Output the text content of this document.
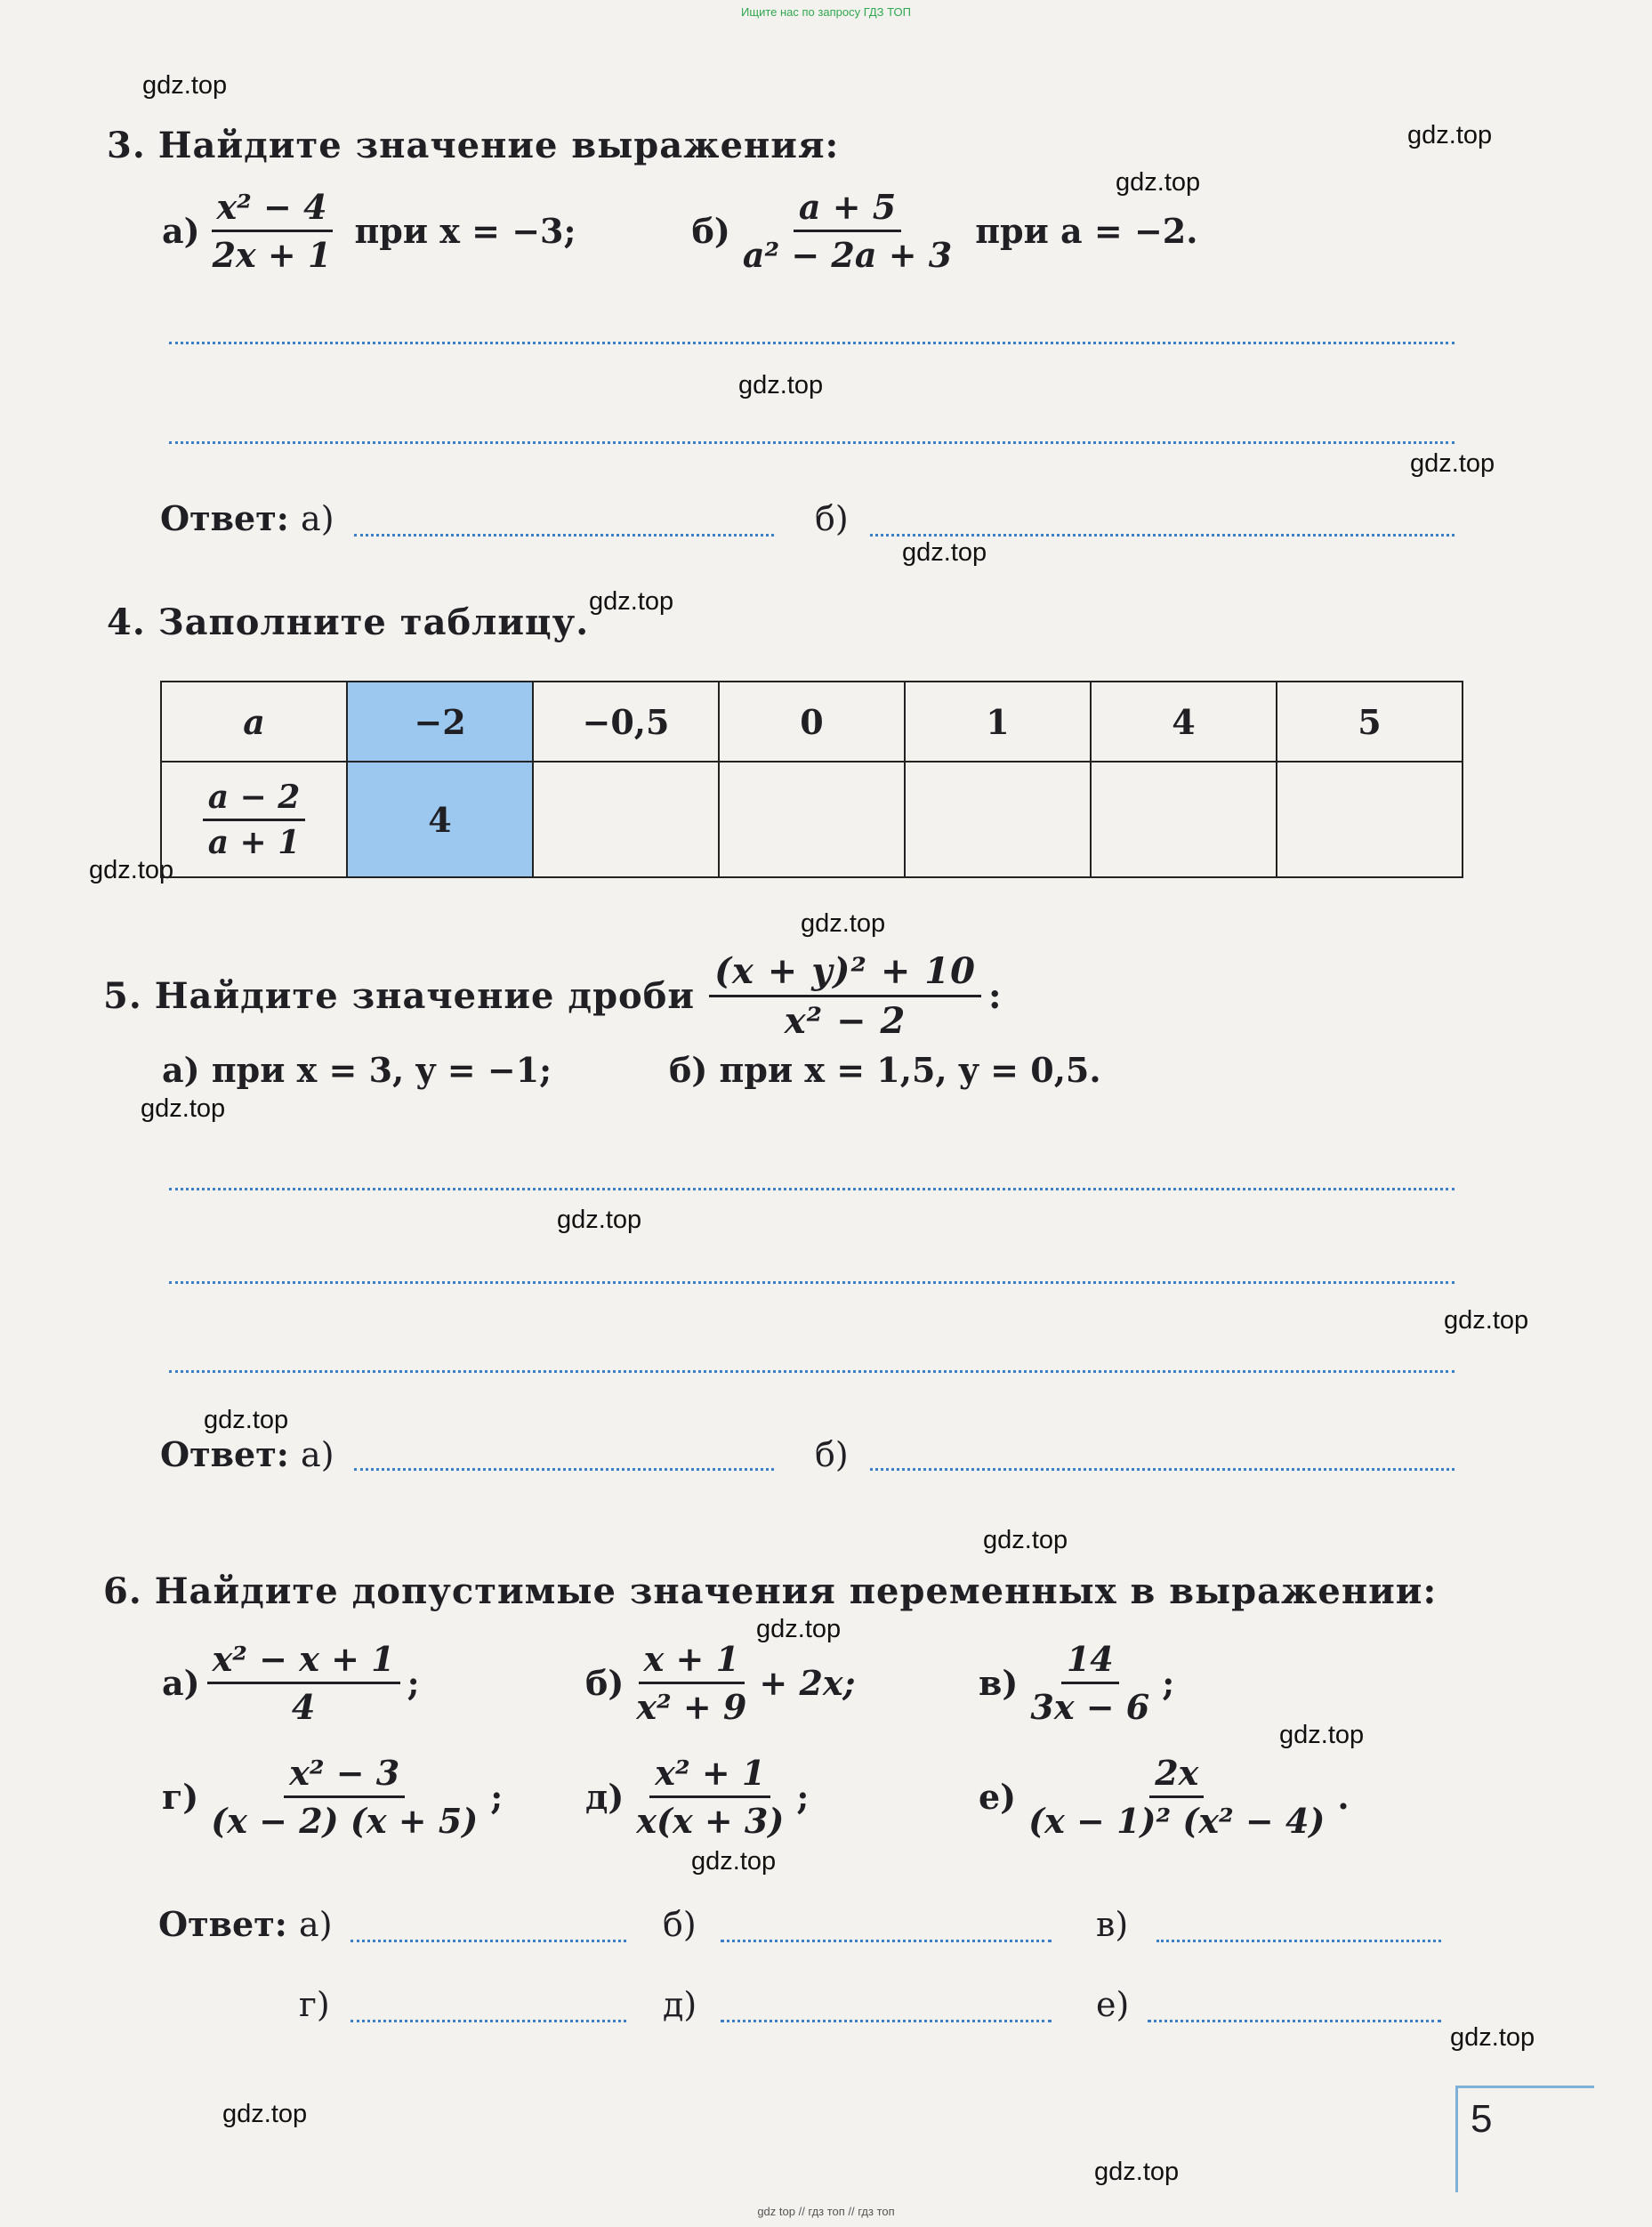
Ищите нас по запросу ГДЗ ТОП
gdz top // гдз топ // гдз топ
gdz.top
gdz.top
gdz.top
gdz.top
gdz.top
gdz.top
gdz.top
gdz.top
gdz.top
gdz.top
gdz.top
gdz.top
gdz.top
gdz.top
gdz.top
gdz.top
gdz.top
gdz.top
gdz.top
gdz.top
3. Найдите значение выражения:
$а) \frac{\text{x² − 4}}{2x + 1}$ при x = −3;	$б) \frac{a + 5}{\text{a² − 2a + 3}}$ при a = −2.
Ответ: а)	б)
4. Заполните таблицу.
a	−2	−0,5	0	1	4	5

$\frac{a - 2}{a + 1}$	4					
5. Найдите значение дроби $\frac{\text{(x + y)² + 10}}{\text{x² − 2}}$ :
а) при x = 3, y = −1;	б) при x = 1,5, y = 0,5.
Ответ: а)	б)
6. Найдите допустимые значения переменных в выражении:
$а) \frac{\text{x² − x + 1}}{4}$ ;	$б) \frac{x + 1}{\text{x² + 9}} + 2x$;	$в) \frac{14}{3x - 6}$ ;
$г) \frac{\text{x² − 3}}{(x - 2) (x + 5)}$ ; $д) \frac{\text{x² + 1}}{x(x + 3)}$ ;	$е) \frac{2x}{\text{(x − 1)² (x² − 4)}}$ .
Ответ: а)	б)	в)
г)	д)	е)
5
